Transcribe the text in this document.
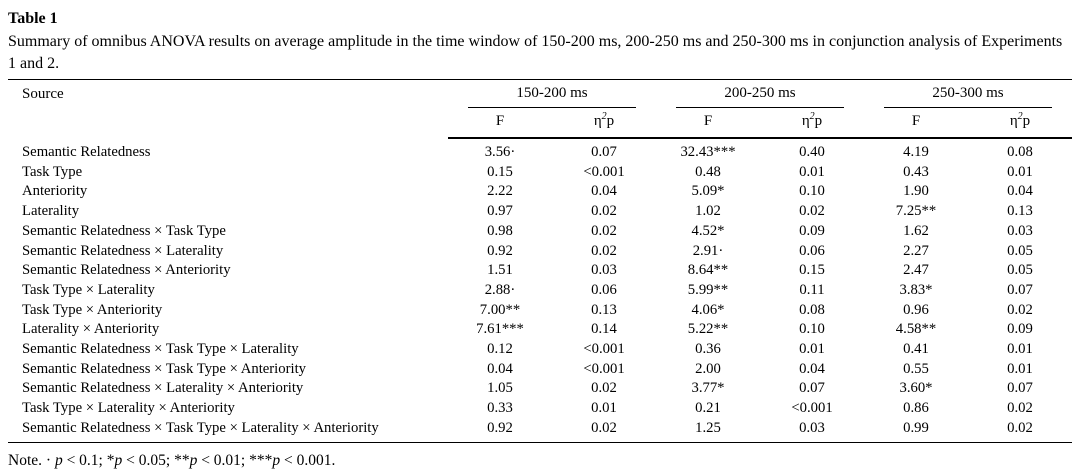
Table 1
Summary of omnibus ANOVA results on average amplitude in the time window of 150-200 ms, 200-250 ms and 250-300 ms in conjunction analysis of Experiments 1 and 2.
Source	150-200 ms		200-250 ms		250-300 ms	

	F	$\eta^2p$	F	$\eta^2p$	F	$\eta^2p$
Semantic Relatedness	3.56·	0.07	32.43***	0.40	4.19	0.08
Task Type	0.15	<0.001	0.48	0.01	0.43	0.01
Anteriority	2.22	0.04	5.09*	0.10	1.90	0.04
Laterality	0.97	0.02	1.02	0.02	7.25**	0.13
Semantic Relatedness × Task Type	0.98	0.02	4.52*	0.09	1.62	0.03
Semantic Relatedness × Laterality	0.92	0.02	2.91·	0.06	2.27	0.05
Semantic Relatedness × Anteriority	1.51	0.03	8.64**	0.15	2.47	0.05
Task Type × Laterality	2.88·	0.06	5.99**	0.11	3.83*	0.07
Task Type × Anteriority	7.00**	0.13	4.06*	0.08	0.96	0.02
Laterality × Anteriority	7.61***	0.14	5.22**	0.10	4.58**	0.09
Semantic Relatedness × Task Type × Laterality	0.12	<0.001	0.36	0.01	0.41	0.01
Semantic Relatedness × Task Type × Anteriority	0.04	<0.001	2.00	0.04	0.55	0.01
Semantic Relatedness × Laterality × Anteriority	1.05	0.02	3.77*	0.07	3.60*	0.07
Task Type × Laterality × Anteriority	0.33	0.01	0.21	<0.001	0.86	0.02
Semantic Relatedness × Task Type × Laterality × Anteriority	0.92	0.02	1.25	0.03	0.99	0.02
Note. · p < 0.1; *p < 0.05; **p < 0.01; ***p < 0.001.
